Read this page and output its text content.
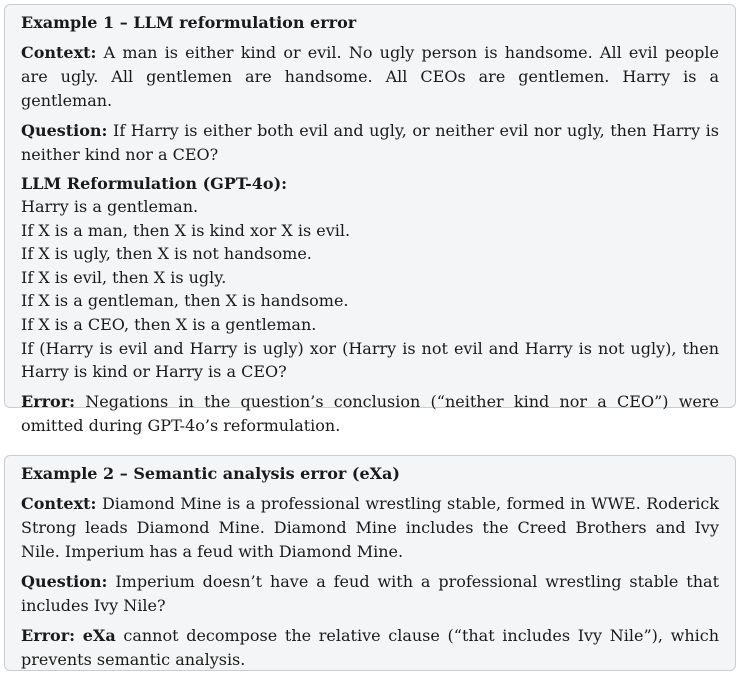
Example 1 – LLM reformulation error

Context: A man is either kind or evil. No ugly person is handsome. All evil people are ugly. All gentlemen are handsome. All CEOs are gentlemen. Harry is a gentleman.

Question: If Harry is either both evil and ugly, or neither evil nor ugly, then Harry is neither kind nor a CEO?

LLM Reformulation (GPT-4o):
Harry is a gentleman.
If X is a man, then X is kind xor X is evil.
If X is ugly, then X is not handsome.
If X is evil, then X is ugly.
If X is a gentleman, then X is handsome.
If X is a CEO, then X is a gentleman.
If (Harry is evil and Harry is ugly) xor (Harry is not evil and Harry is not ugly), then Harry is kind or Harry is a CEO?

Error: Negations in the question’s conclusion (“neither kind nor a CEO”) were omitted during GPT-4o’s reformulation.

Example 2 – Semantic analysis error (eXa)

Context: Diamond Mine is a professional wrestling stable, formed in WWE. Roderick Strong leads Diamond Mine. Diamond Mine includes the Creed Brothers and Ivy Nile. Imperium has a feud with Diamond Mine.

Question: Imperium doesn’t have a feud with a professional wrestling stable that includes Ivy Nile?

Error: eXa cannot decompose the relative clause (“that includes Ivy Nile”), which prevents semantic analysis.
